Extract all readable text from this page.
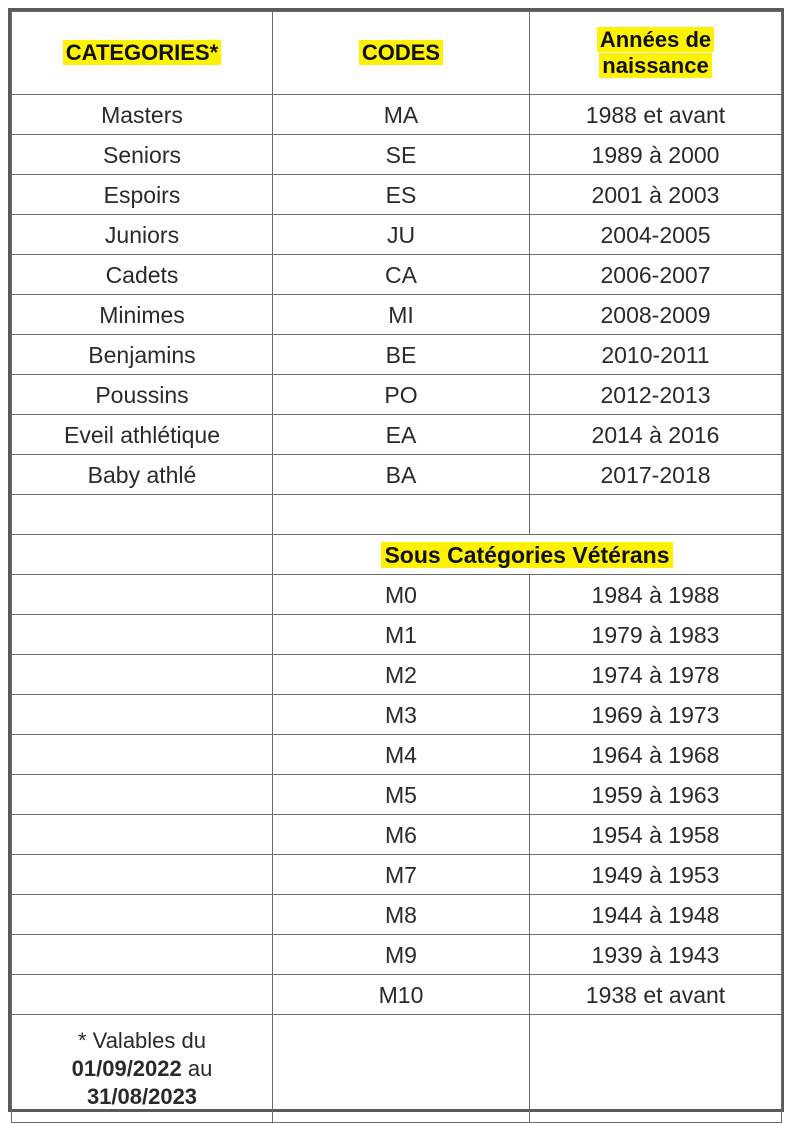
CATEGORIES*	CODES	Années de
naissance
Masters	MA	1988 et avant
Seniors	SE	1989 à 2000
Espoirs	ES	2001 à 2003
Juniors	JU	2004-2005
Cadets	CA	2006-2007
Minimes	MI	2008-2009
Benjamins	BE	2010-2011
Poussins	PO	2012-2013
Eveil athlétique	EA	2014 à 2016
Baby athlé	BA	2017-2018

	Sous Catégories Vétérans	
	M0	1984 à 1988
	M1	1979 à 1983
	M2	1974 à 1978
	M3	1969 à 1973
	M4	1964 à 1968
	M5	1959 à 1963
	M6	1954 à 1958
	M7	1949 à 1953
	M8	1944 à 1948
	M9	1939 à 1943
	M10	1938 et avant

* Valables du
01/09/2022 au
31/08/2023		
